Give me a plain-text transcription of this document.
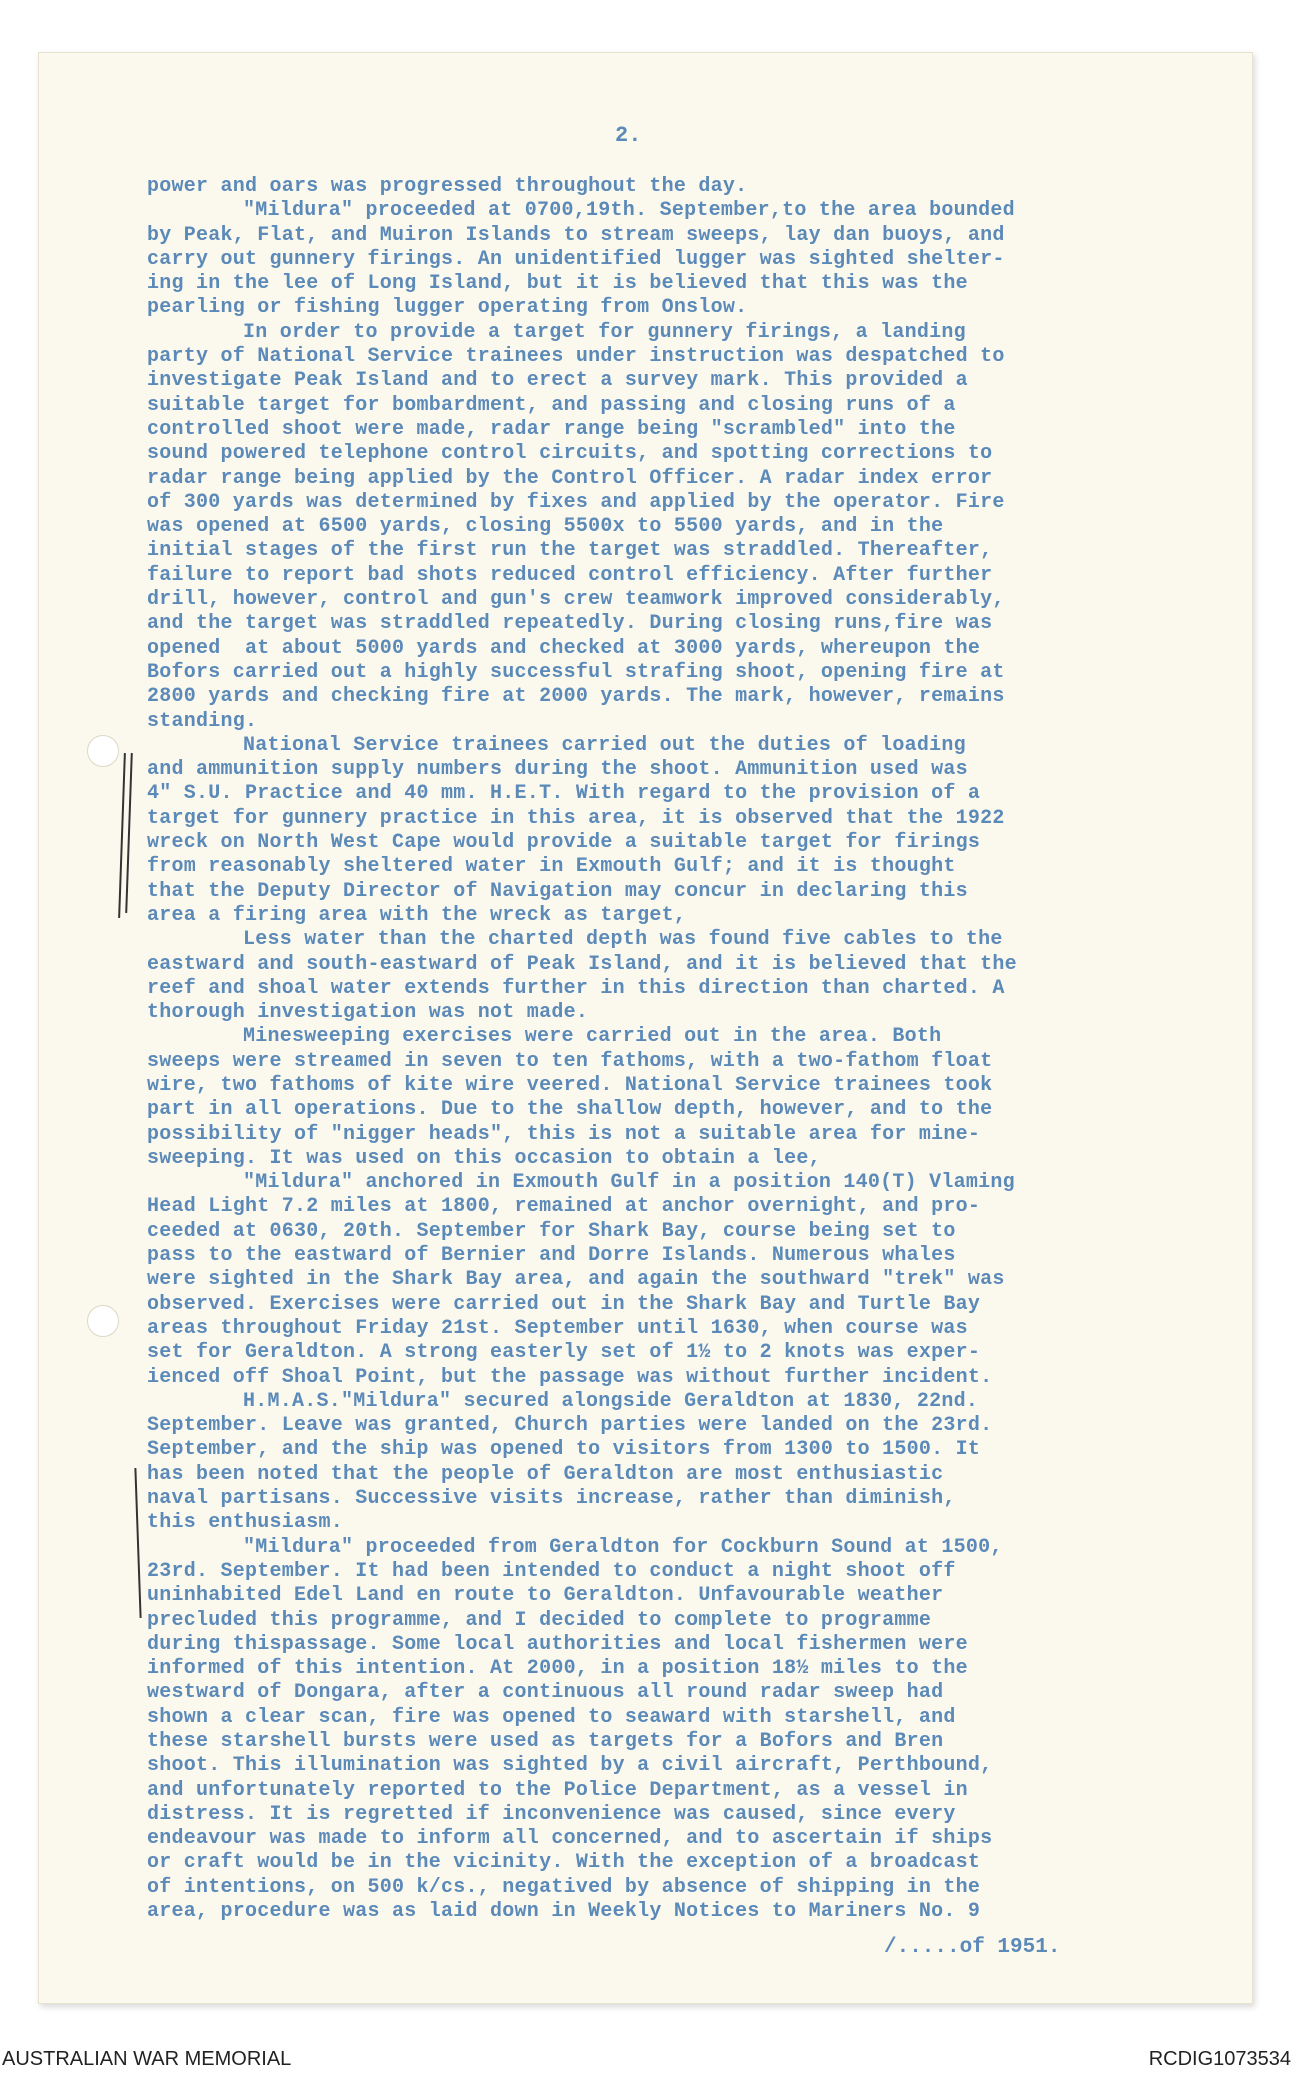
2.
power and oars was progressed throughout the day.
"Mildura" proceeded at 0700,19th. September,to the area bounded
by Peak, Flat, and Muiron Islands to stream sweeps, lay dan buoys, and
carry out gunnery firings. An unidentified lugger was sighted shelter-
ing in the lee of Long Island, but it is believed that this was the
pearling or fishing lugger operating from Onslow.
In order to provide a target for gunnery firings, a landing
party of National Service trainees under instruction was despatched to
investigate Peak Island and to erect a survey mark. This provided a
suitable target for bombardment, and passing and closing runs of a
controlled shoot were made, radar range being "scrambled" into the
sound powered telephone control circuits, and spotting corrections to
radar range being applied by the Control Officer. A radar index error
of 300 yards was determined by fixes and applied by the operator. Fire
was opened at 6500 yards, closing 5500x to 5500 yards, and in the
initial stages of the first run the target was straddled. Thereafter,
failure to report bad shots reduced control efficiency. After further
drill, however, control and gun's crew teamwork improved considerably,
and the target was straddled repeatedly. During closing runs,fire was
opened  at about 5000 yards and checked at 3000 yards, whereupon the
Bofors carried out a highly successful strafing shoot, opening fire at
2800 yards and checking fire at 2000 yards. The mark, however, remains
standing.
National Service trainees carried out the duties of loading
and ammunition supply numbers during the shoot. Ammunition used was
4" S.U. Practice and 40 mm. H.E.T. With regard to the provision of a
target for gunnery practice in this area, it is observed that the 1922
wreck on North West Cape would provide a suitable target for firings
from reasonably sheltered water in Exmouth Gulf; and it is thought
that the Deputy Director of Navigation may concur in declaring this
area a firing area with the wreck as target,
Less water than the charted depth was found five cables to the
eastward and south-eastward of Peak Island, and it is believed that the
reef and shoal water extends further in this direction than charted. A
thorough investigation was not made.
Minesweeping exercises were carried out in the area. Both
sweeps were streamed in seven to ten fathoms, with a two-fathom float
wire, two fathoms of kite wire veered. National Service trainees took
part in all operations. Due to the shallow depth, however, and to the
possibility of "nigger heads", this is not a suitable area for mine-
sweeping. It was used on this occasion to obtain a lee,
"Mildura" anchored in Exmouth Gulf in a position 140(T) Vlaming
Head Light 7.2 miles at 1800, remained at anchor overnight, and pro-
ceeded at 0630, 20th. September for Shark Bay, course being set to
pass to the eastward of Bernier and Dorre Islands. Numerous whales
were sighted in the Shark Bay area, and again the southward "trek" was
observed. Exercises were carried out in the Shark Bay and Turtle Bay
areas throughout Friday 21st. September until 1630, when course was
set for Geraldton. A strong easterly set of 1½ to 2 knots was exper-
ienced off Shoal Point, but the passage was without further incident.
H.M.A.S."Mildura" secured alongside Geraldton at 1830, 22nd.
September. Leave was granted, Church parties were landed on the 23rd.
September, and the ship was opened to visitors from 1300 to 1500. It
has been noted that the people of Geraldton are most enthusiastic
naval partisans. Successive visits increase, rather than diminish,
this enthusiasm.
"Mildura" proceeded from Geraldton for Cockburn Sound at 1500,
23rd. September. It had been intended to conduct a night shoot off
uninhabited Edel Land en route to Geraldton. Unfavourable weather
precluded this programme, and I decided to complete to programme
during thispassage. Some local authorities and local fishermen were
informed of this intention. At 2000, in a position 18½ miles to the
westward of Dongara, after a continuous all round radar sweep had
shown a clear scan, fire was opened to seaward with starshell, and
these starshell bursts were used as targets for a Bofors and Bren
shoot. This illumination was sighted by a civil aircraft, Perthbound,
and unfortunately reported to the Police Department, as a vessel in
distress. It is regretted if inconvenience was caused, since every
endeavour was made to inform all concerned, and to ascertain if ships
or craft would be in the vicinity. With the exception of a broadcast
of intentions, on 500 k/cs., negatived by absence of shipping in the
area, procedure was as laid down in Weekly Notices to Mariners No. 9
/.....of 1951.
AUSTRALIAN WAR MEMORIAL	RCDIG1073534
